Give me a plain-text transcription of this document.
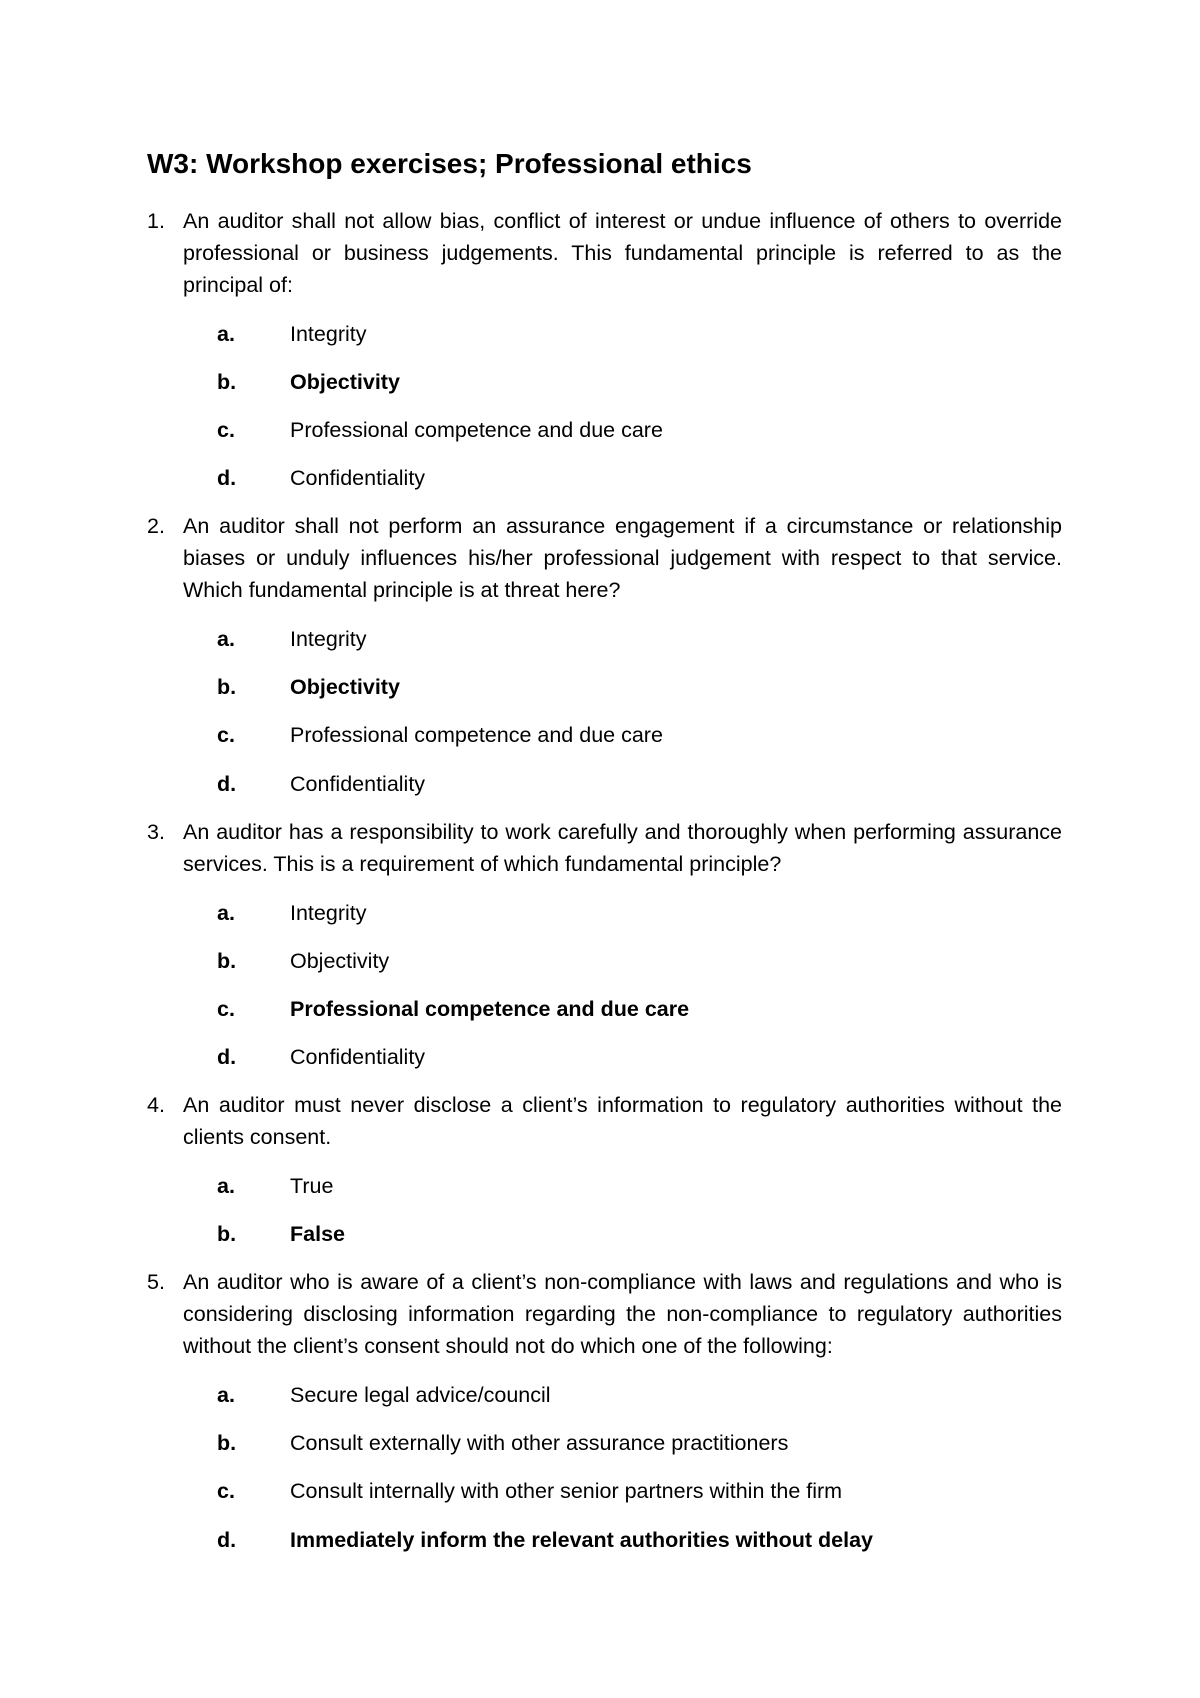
W3: Workshop exercises; Professional ethics
1. An auditor shall not allow bias, conflict of interest or undue influence of others to override professional or business judgements. This fundamental principle is referred to as the principal of:
a.	Integrity
b.	Objectivity
c.	Professional competence and due care
d.	Confidentiality
2. An auditor shall not perform an assurance engagement if a circumstance or relationship biases or unduly influences his/her professional judgement with respect to that service. Which fundamental principle is at threat here?
a.	Integrity
b.	Objectivity
c.	Professional competence and due care
d.	Confidentiality
3. An auditor has a responsibility to work carefully and thoroughly when performing assurance services. This is a requirement of which fundamental principle?
a.	Integrity
b.	Objectivity
c.	Professional competence and due care
d.	Confidentiality
4. An auditor must never disclose a client’s information to regulatory authorities without the clients consent.
a.	True
b.	False
5. An auditor who is aware of a client’s non-compliance with laws and regulations and who is considering disclosing information regarding the non-compliance to regulatory authorities without the client’s consent should not do which one of the following:
a.	Secure legal advice/council
b.	Consult externally with other assurance practitioners
c.	Consult internally with other senior partners within the firm
d.	Immediately inform the relevant authorities without delay
